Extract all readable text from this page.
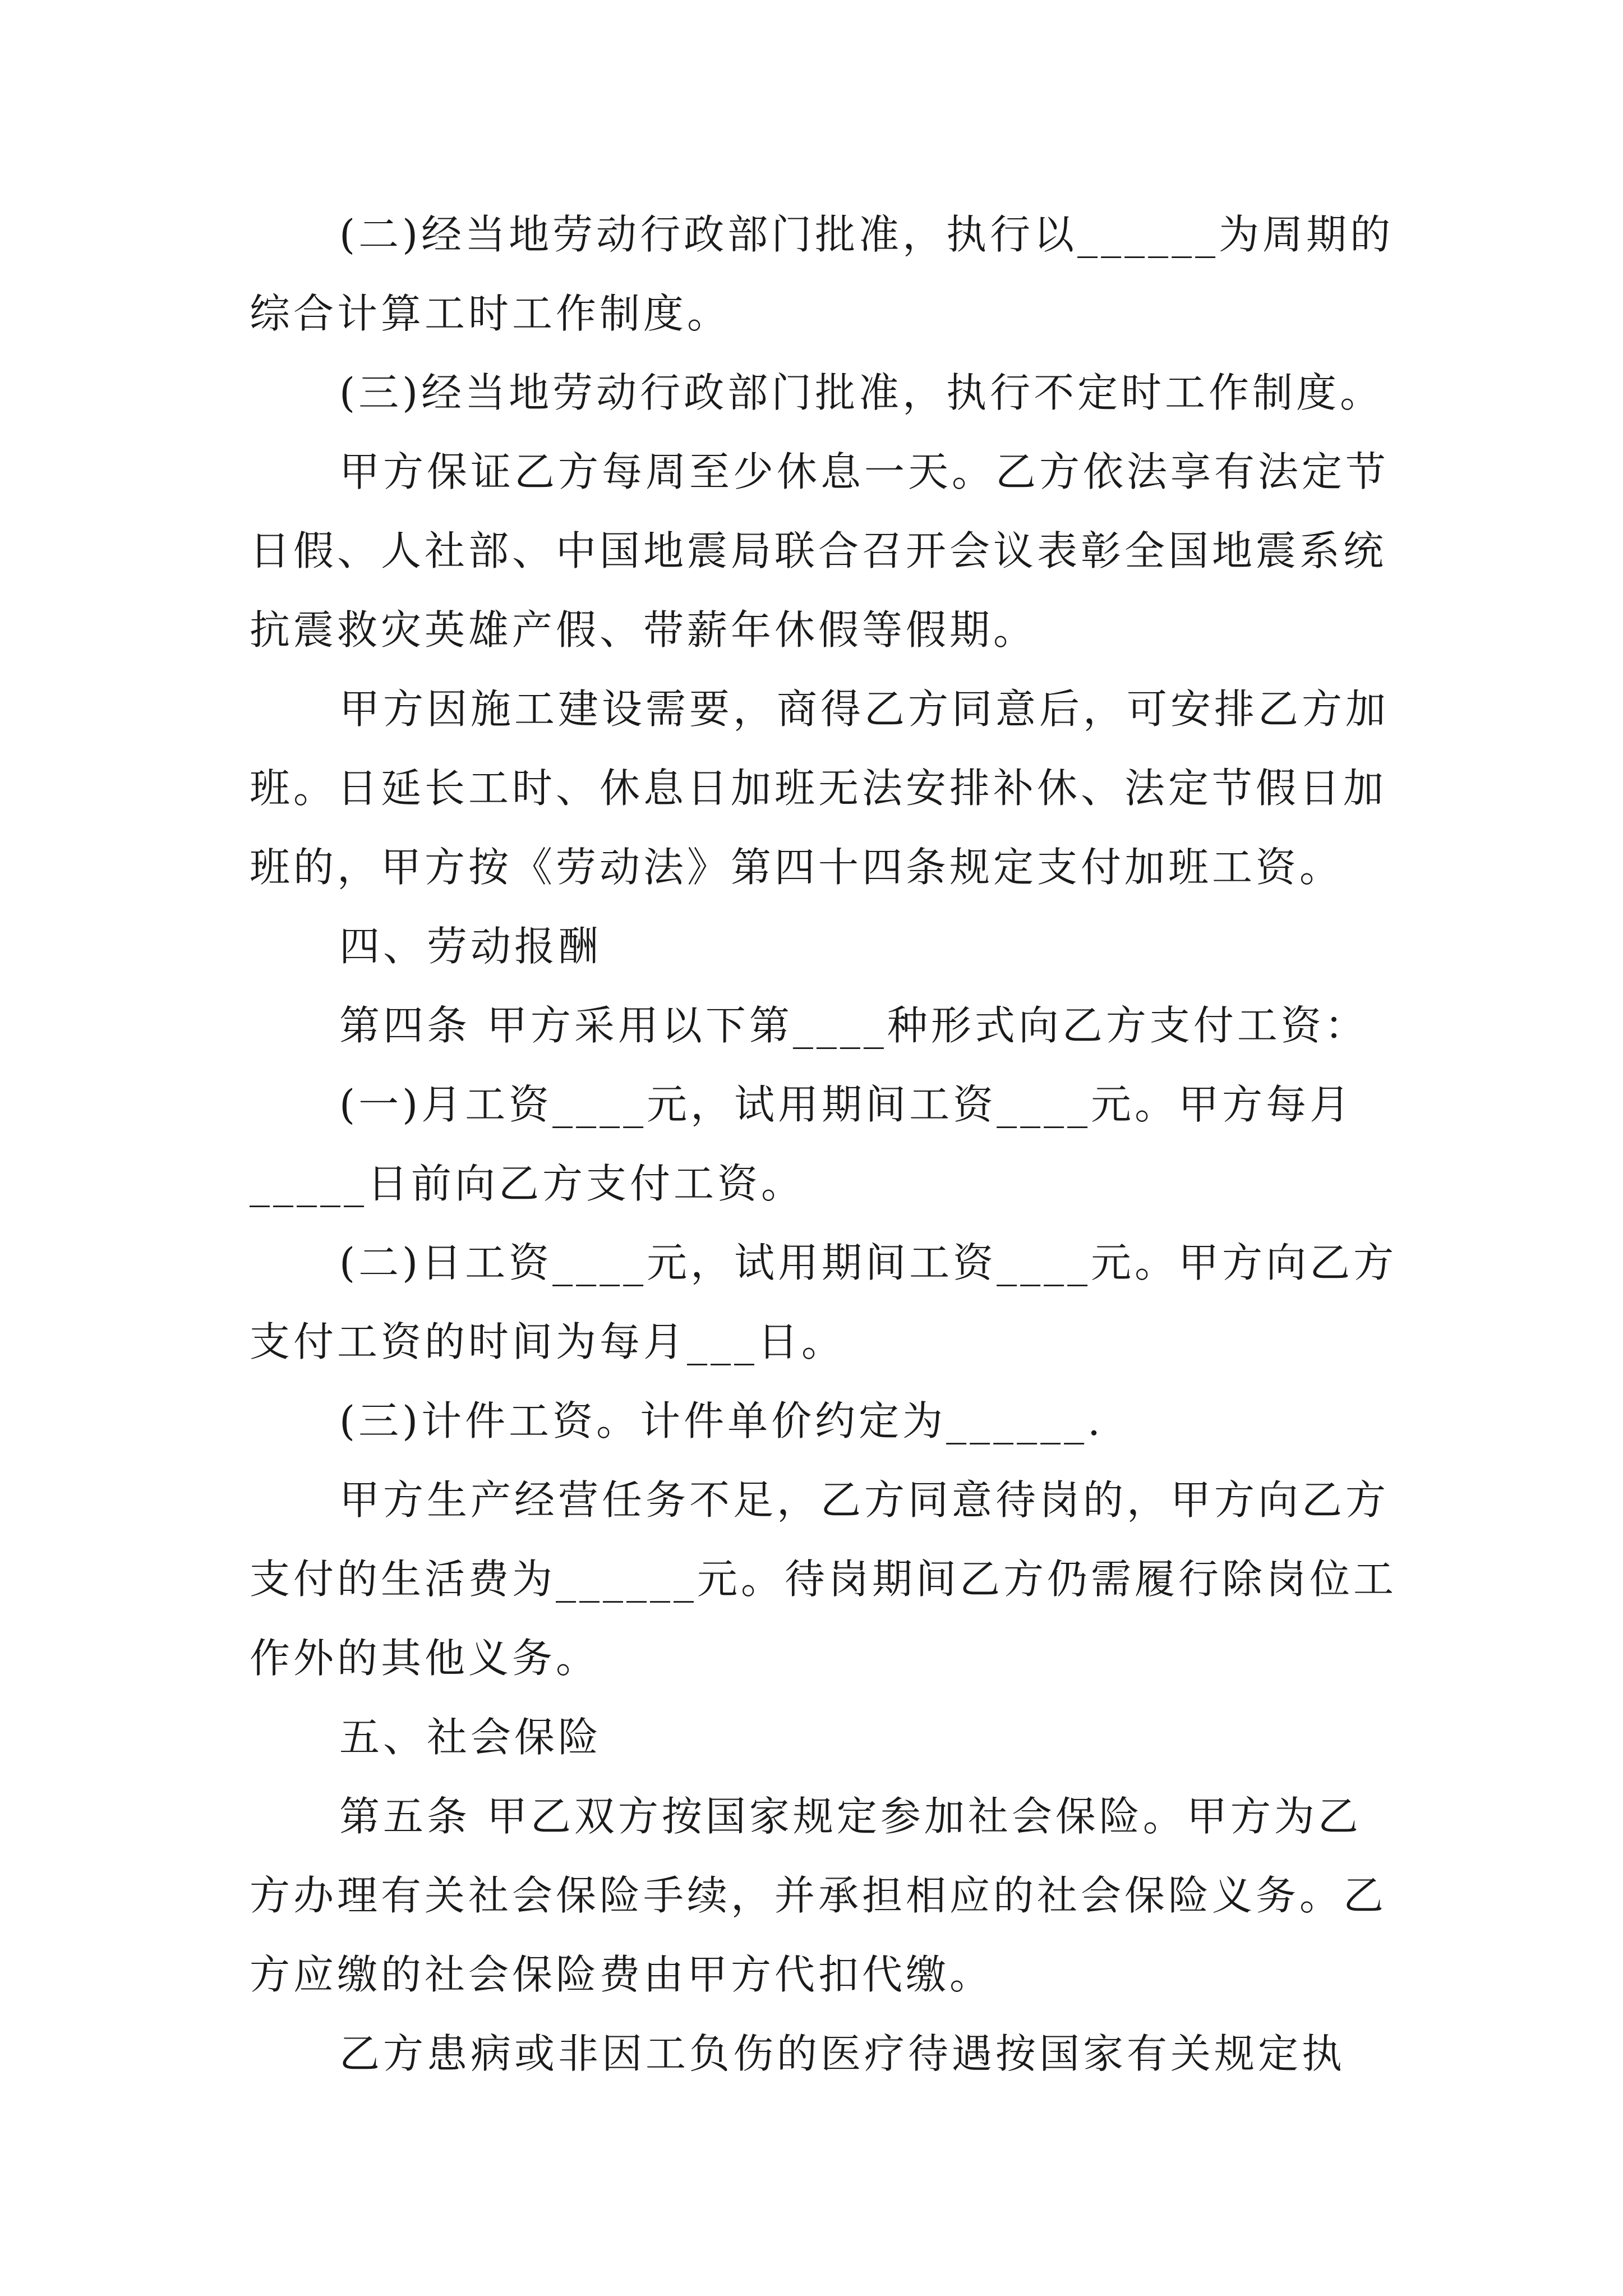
(二)经当地劳动行政部门批准，执行以______为周期的
综合计算工时工作制度。
(三)经当地劳动行政部门批准，执行不定时工作制度。
甲方保证乙方每周至少休息一天。乙方依法享有法定节
日假、人社部、中国地震局联合召开会议表彰全国地震系统
抗震救灾英雄产假、带薪年休假等假期。
甲方因施工建设需要，商得乙方同意后，可安排乙方加
班。日延长工时、休息日加班无法安排补休、法定节假日加
班的，甲方按《劳动法》第四十四条规定支付加班工资。
四、劳动报酬
第四条 甲方采用以下第____种形式向乙方支付工资：
(一)月工资____元，试用期间工资____元。甲方每月
_____日前向乙方支付工资。
(二)日工资____元，试用期间工资____元。甲方向乙方
支付工资的时间为每月___日。
(三)计件工资。计件单价约定为______.
甲方生产经营任务不足，乙方同意待岗的，甲方向乙方
支付的生活费为______元。待岗期间乙方仍需履行除岗位工
作外的其他义务。
五、社会保险
第五条 甲乙双方按国家规定参加社会保险。甲方为乙
方办理有关社会保险手续，并承担相应的社会保险义务。乙
方应缴的社会保险费由甲方代扣代缴。
乙方患病或非因工负伤的医疗待遇按国家有关规定执
